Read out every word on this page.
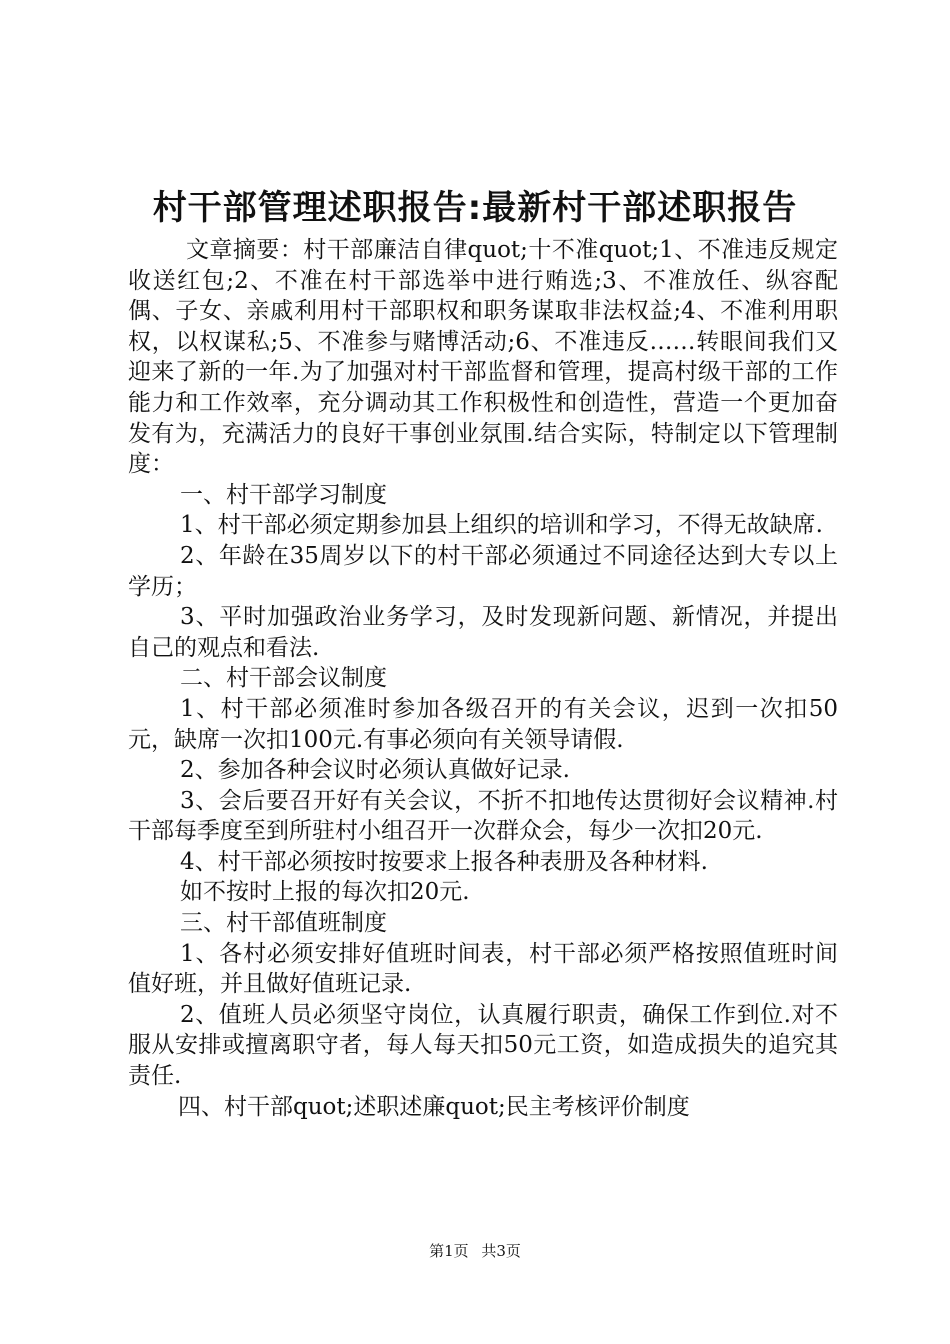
村干部管理述职报告:最新村干部述职报告

文章摘要：村干部廉洁自律quot;十不准quot;1、不准违反规定收送红包;2、不准在村干部选举中进行贿选;3、不准放任、纵容配偶、子女、亲戚利用村干部职权和职务谋取非法权益;4、不准利用职权，以权谋私;5、不准参与赌博活动;6、不准违反……转眼间我们又迎来了新的一年.为了加强对村干部监督和管理，提高村级干部的工作能力和工作效率，充分调动其工作积极性和创造性，营造一个更加奋发有为，充满活力的良好干事创业氛围.结合实际，特制定以下管理制度：

一、村干部学习制度

1、村干部必须定期参加县上组织的培训和学习，不得无故缺席.

2、年龄在35周岁以下的村干部必须通过不同途径达到大专以上学历；

3、平时加强政治业务学习，及时发现新问题、新情况，并提出自己的观点和看法.

二、村干部会议制度

1、村干部必须准时参加各级召开的有关会议，迟到一次扣50元，缺席一次扣100元.有事必须向有关领导请假.

2、参加各种会议时必须认真做好记录.

3、会后要召开好有关会议，不折不扣地传达贯彻好会议精神.村干部每季度至到所驻村小组召开一次群众会，每少一次扣20元.

4、村干部必须按时按要求上报各种表册及各种材料.

如不按时上报的每次扣20元.

三、村干部值班制度

1、各村必须安排好值班时间表，村干部必须严格按照值班时间值好班，并且做好值班记录.

2、值班人员必须坚守岗位，认真履行职责，确保工作到位.对不服从安排或擅离职守者，每人每天扣50元工资，如造成损失的追究其责任.

四、村干部quot;述职述廉quot;民主考核评价制度

第1页 共3页
